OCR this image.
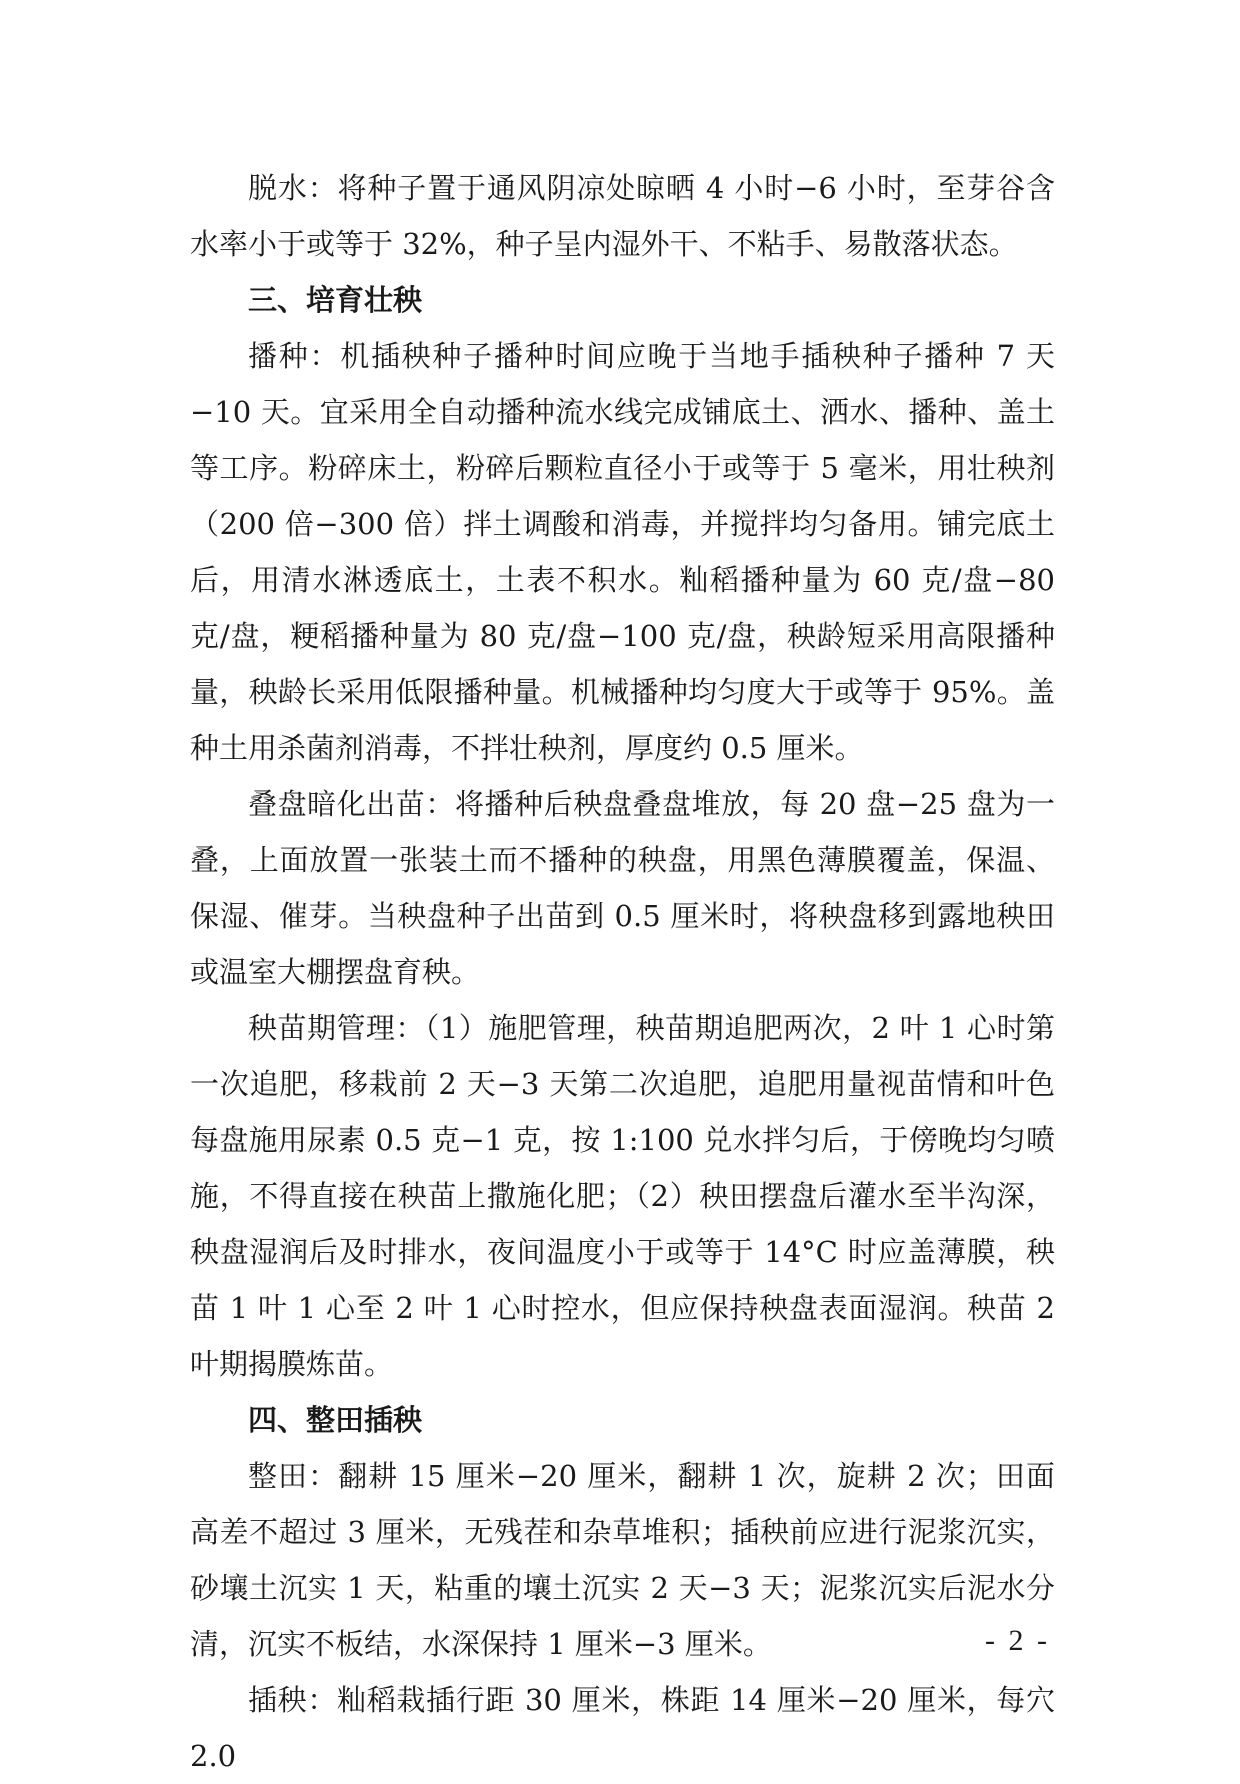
脱水：将种子置于通风阴凉处晾晒 4 小时−6 小时，至芽谷含水率小于或等于 32%，种子呈内湿外干、不粘手、易散落状态。

三、培育壮秧

播种：机插秧种子播种时间应晚于当地手插秧种子播种 7 天−10 天。宜采用全自动播种流水线完成铺底土、洒水、播种、盖土等工序。粉碎床土，粉碎后颗粒直径小于或等于 5 毫米，用壮秧剂（200 倍−300 倍）拌土调酸和消毒，并搅拌均匀备用。铺完底土后，用清水淋透底土，土表不积水。籼稻播种量为 60 克/盘−80 克/盘，粳稻播种量为 80 克/盘−100 克/盘，秧龄短采用高限播种量，秧龄长采用低限播种量。机械播种均匀度大于或等于 95%。盖种土用杀菌剂消毒，不拌壮秧剂，厚度约 0.5 厘米。

叠盘暗化出苗：将播种后秧盘叠盘堆放，每 20 盘−25 盘为一叠，上面放置一张装土而不播种的秧盘，用黑色薄膜覆盖，保温、保湿、催芽。当秧盘种子出苗到 0.5 厘米时，将秧盘移到露地秧田或温室大棚摆盘育秧。

秧苗期管理：（1）施肥管理，秧苗期追肥两次，2 叶 1 心时第一次追肥，移栽前 2 天−3 天第二次追肥，追肥用量视苗情和叶色每盘施用尿素 0.5 克−1 克，按 1:100 兑水拌匀后，于傍晚均匀喷施，不得直接在秧苗上撒施化肥；（2）秧田摆盘后灌水至半沟深，秧盘湿润后及时排水，夜间温度小于或等于 14°C 时应盖薄膜，秧苗 1 叶 1 心至 2 叶 1 心时控水，但应保持秧盘表面湿润。秧苗 2 叶期揭膜炼苗。

四、整田插秧

整田：翻耕 15 厘米−20 厘米，翻耕 1 次，旋耕 2 次；田面高差不超过 3 厘米，无残茬和杂草堆积；插秧前应进行泥浆沉实，砂壤土沉实 1 天，粘重的壤土沉实 2 天−3 天；泥浆沉实后泥水分清，沉实不板结，水深保持 1 厘米−3 厘米。

插秧：籼稻栽插行距 30 厘米，株距 14 厘米−20 厘米，每穴 2.0

- 2 -
